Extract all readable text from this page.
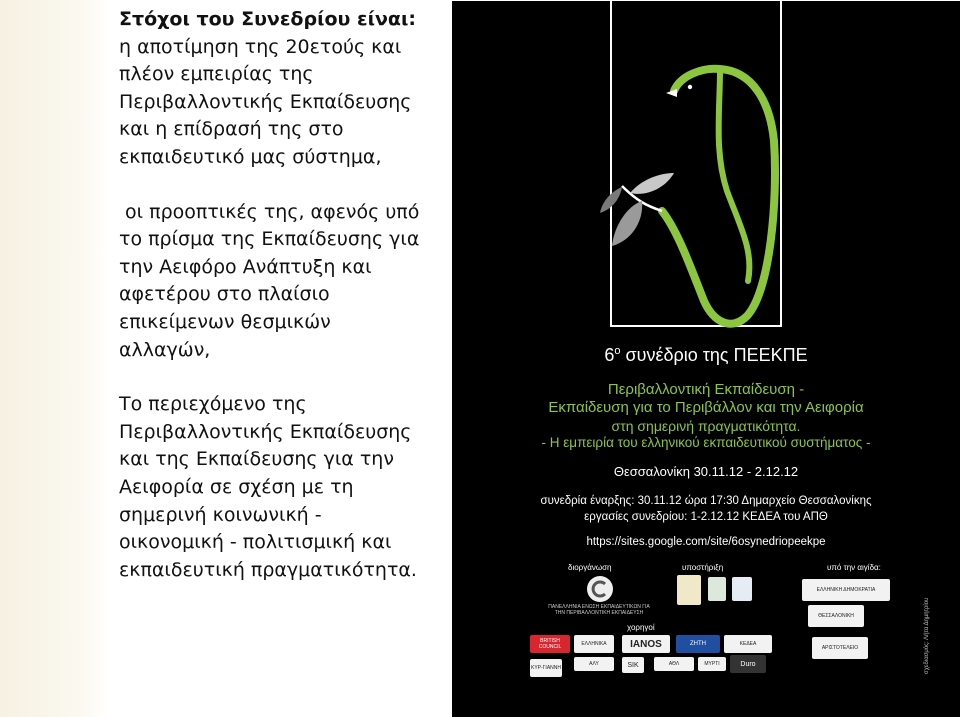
Στόχοι του Συνεδρίου είναι:
η αποτίμηση της 20ετούς και
πλέον εμπειρίας της
Περιβαλλοντικής Εκπαίδευσης
και η επίδρασή της στο
εκπαιδευτικό μας σύστημα,
οι προοπτικές της, αφενός υπό
το πρίσμα της Εκπαίδευσης για
την Αειφόρο Ανάπτυξη και
αφετέρου στο πλαίσιο
επικείμενων θεσμικών
αλλαγών,
Το περιεχόμενο της
Περιβαλλοντικής Εκπαίδευσης
και της Εκπαίδευσης για την
Αειφορία σε σχέση με τη
σημερινή κοινωνική -
οικονομική - πολιτισμική και
εκπαιδευτική πραγματικότητα.
$6^o$ συνέδριο της ΠΕΕΚΠΕ
Περιβαλλοντική Εκπαίδευση -
Εκπαίδευση για το Περιβάλλον και την Αειφορία
στη σημερινή πραγματικότητα.
- Η εμπειρία του ελληνικού εκπαιδευτικού συστήματος -
Θεσσαλονίκη 30.11.12 - 2.12.12
συνεδρία έναρξης: 30.11.12 ώρα 17:30 Δημαρχείο Θεσσαλονίκης
εργασίες συνεδρίου: 1-2.12.12 ΚΕΔΕΑ του ΑΠΘ
https://sites.google.com/site/6osynedriopeekpe
διοργάνωση	υποστήριξη	υπό την αιγίδα:
χορηγοί
ΠΑΝΕΛΛΗΝΙΑ ΕΝΩΣΗ ΕΚΠΑΙΔΕΥΤΙΚΩΝ ΓΙΑ ΤΗΝ ΠΕΡΙΒΑΛΛΟΝΤΙΚΗ ΕΚΠΑΙΔΕΥΣΗ
ΕΛΛΗΝΙΚΗ ΔΗΜΟΚΡΑΤΙΑ
ΘΕΣΣΑΛΟΝΙΚΗ
BRITISH COUNCIL	ΕΛΛΗΝΙΚΑ IANOS	ZHTH	ΚΕΔΕΑ
ΑΡΙΣΤΟΤΕΛΕΙΟ
ΚΥΡ-ΓΙΑΝΝΗ
ΑΛΥ	SIK	ΑΘΛ	ΜΥΡΤΙ	Duro	σχεδιασμός: Λήτα Δημητρίου
